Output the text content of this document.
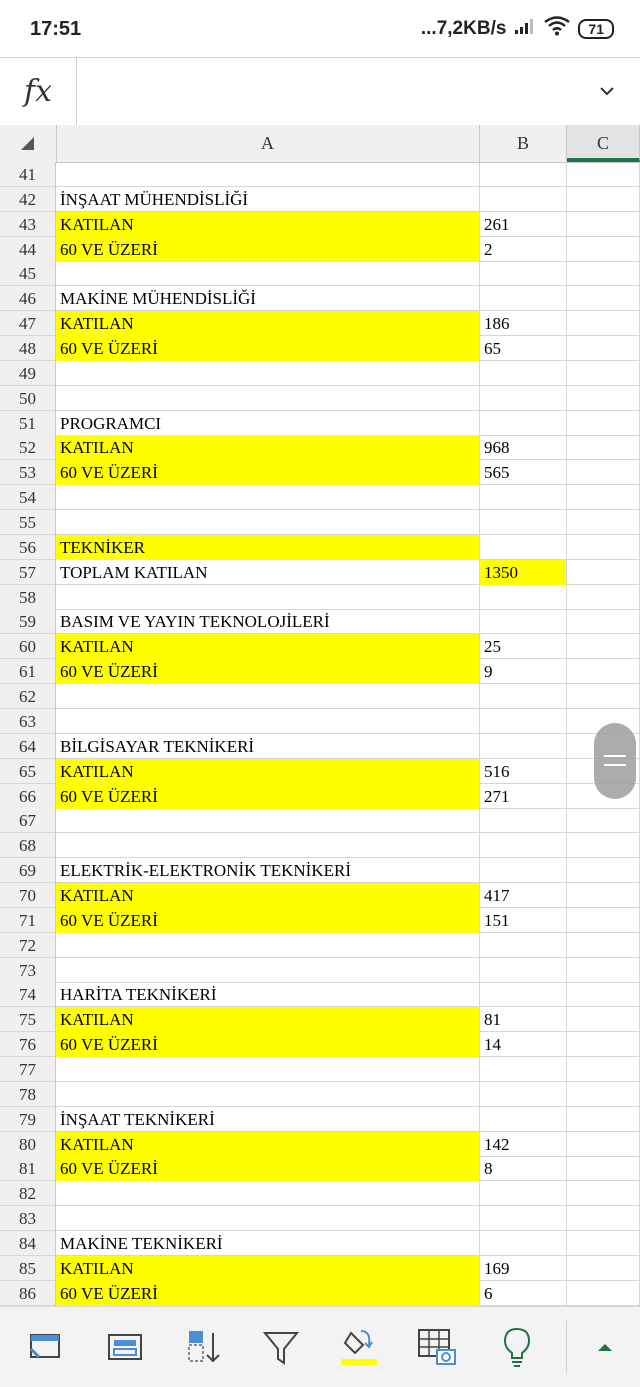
17:51	...7,2KB/s	71
fx
A	B	C
41
42	İNŞAAT MÜHENDİSLİĞİ
43	KATILAN	261
44	60 VE ÜZERİ	2
45
46	MAKİNE MÜHENDİSLİĞİ
47	KATILAN	186
48	60 VE ÜZERİ	65
49
50
51	PROGRAMCI
52	KATILAN	968
53	60 VE ÜZERİ	565
54
55
56	TEKNİKER
57	TOPLAM KATILAN	1350
58
59	BASIM VE YAYIN TEKNOLOJİLERİ
60	KATILAN	25
61	60 VE ÜZERİ	9
62
63
64	BİLGİSAYAR TEKNİKERİ
65	KATILAN	516
66	60 VE ÜZERİ	271
67
68
69	ELEKTRİK-ELEKTRONİK TEKNİKERİ
70	KATILAN	417
71	60 VE ÜZERİ	151
72
73
74	HARİTA TEKNİKERİ
75	KATILAN	81
76	60 VE ÜZERİ	14
77
78
79	İNŞAAT TEKNİKERİ
80	KATILAN	142
81	60 VE ÜZERİ	8
82
83
84	MAKİNE TEKNİKERİ
85	KATILAN	169
86	60 VE ÜZERİ	6
